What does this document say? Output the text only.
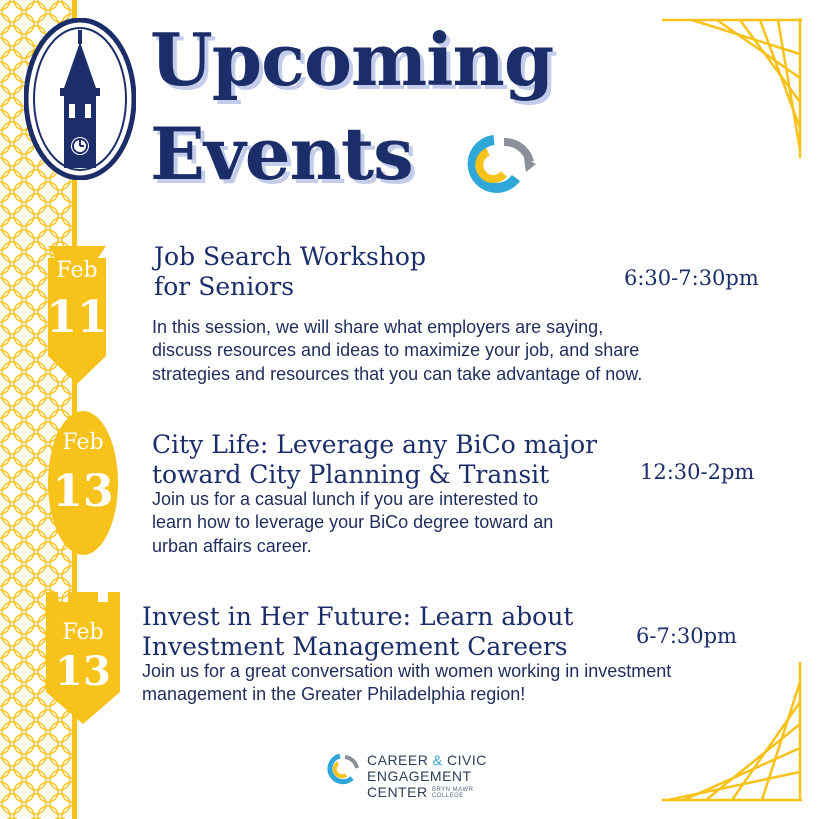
Upcoming
Events
Feb
11
Job Search Workshop
for Seniors	6:30-7:30pm
In this session, we will share what employers are saying,
discuss resources and ideas to maximize your job, and share
strategies and resources that you can take advantage of now.
Feb
13
City Life: Leverage any BiCo major
toward City Planning & Transit	12:30-2pm
Join us for a casual lunch if you are interested to
learn how to leverage your BiCo degree toward an
urban affairs career.
Feb
13
Invest in Her Future: Learn about
Investment Management Careers	6-7:30pm
Join us for a great conversation with women working in investment
management in the Greater Philadelphia region!
CAREER & CIVIC
ENGAGEMENT
CENTER BRYN MAWR
COLLEGE
